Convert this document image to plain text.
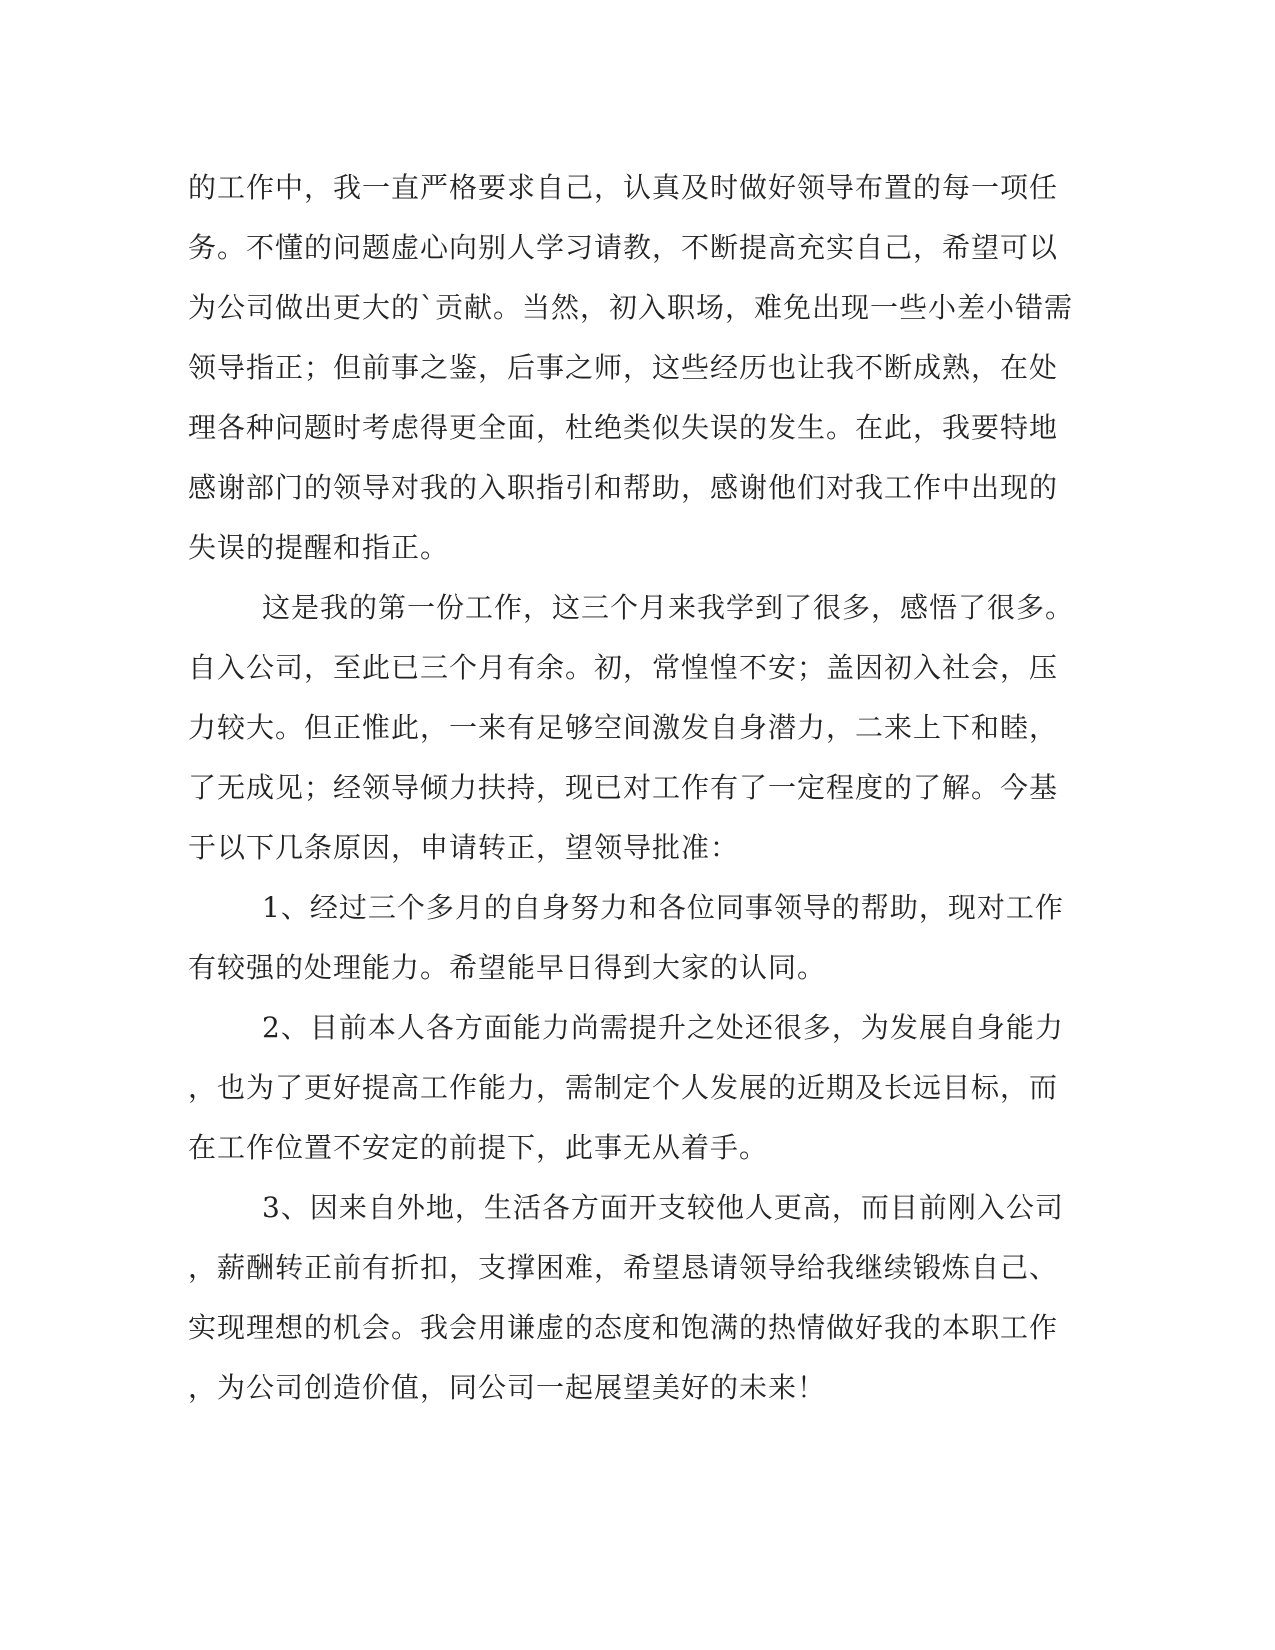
的工作中，我一直严格要求自己，认真及时做好领导布置的每一项任
务。不懂的问题虚心向别人学习请教，不断提高充实自己，希望可以
为公司做出更大的`贡献。当然，初入职场，难免出现一些小差小错需
领导指正；但前事之鉴，后事之师，这些经历也让我不断成熟，在处
理各种问题时考虑得更全面，杜绝类似失误的发生。在此，我要特地
感谢部门的领导对我的入职指引和帮助，感谢他们对我工作中出现的
失误的提醒和指正。
这是我的第一份工作，这三个月来我学到了很多，感悟了很多。
自入公司，至此已三个月有余。初，常惶惶不安；盖因初入社会，压
力较大。但正惟此，一来有足够空间激发自身潜力，二来上下和睦，
了无成见；经领导倾力扶持，现已对工作有了一定程度的了解。今基
于以下几条原因，申请转正，望领导批准：
1、经过三个多月的自身努力和各位同事领导的帮助，现对工作
有较强的处理能力。希望能早日得到大家的认同。
2、目前本人各方面能力尚需提升之处还很多，为发展自身能力
，也为了更好提高工作能力，需制定个人发展的近期及长远目标，而
在工作位置不安定的前提下，此事无从着手。
3、因来自外地，生活各方面开支较他人更高，而目前刚入公司
，薪酬转正前有折扣，支撑困难，希望恳请领导给我继续锻炼自己、
实现理想的机会。我会用谦虚的态度和饱满的热情做好我的本职工作
，为公司创造价值，同公司一起展望美好的未来！
